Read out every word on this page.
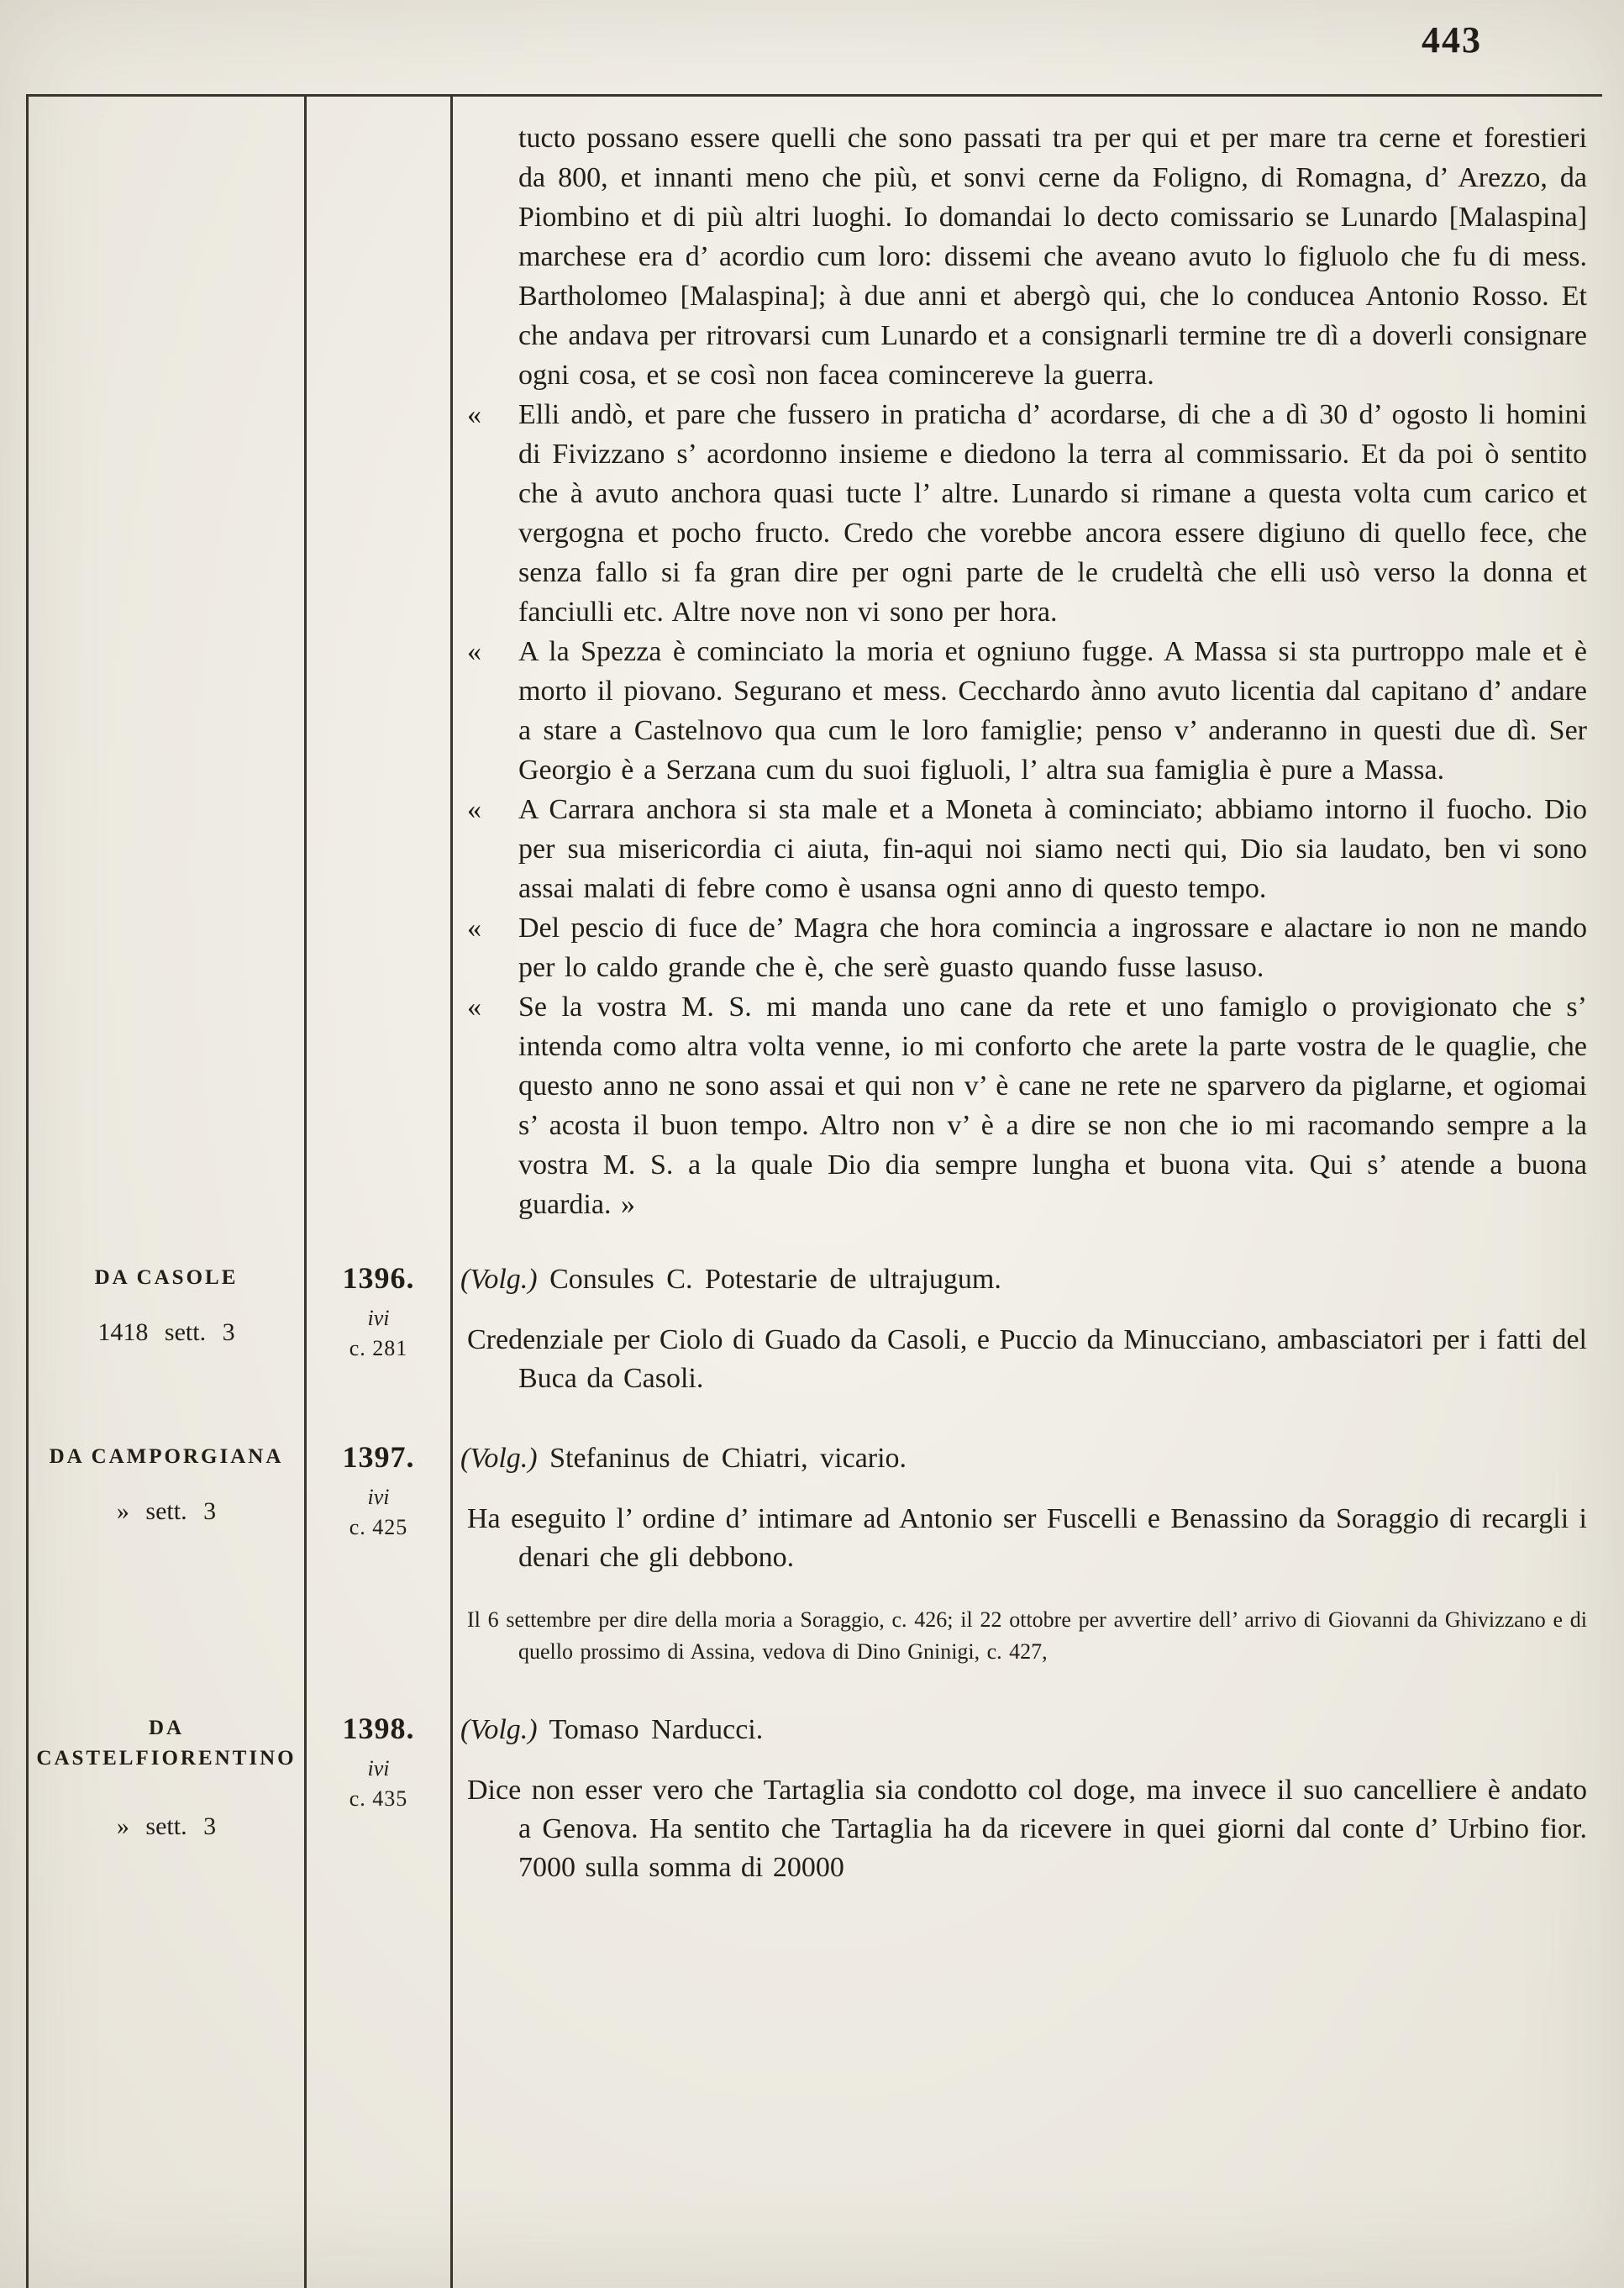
443

tucto possano essere quelli che sono passati tra per qui et per mare tra cerne et forestieri da 800, et innanti meno che più, et sonvi cerne da Foligno, di Romagna, d’ Arezzo, da Piombino et di più altri luoghi. Io domandai lo decto comissario se Lunardo [Malaspina] marchese era d’ acordio cum loro: dissemi che aveano avuto lo figluolo che fu di mess. Bartholomeo [Malaspina]; à due anni et abergò qui, che lo conducea Antonio Rosso. Et che andava per ritrovarsi cum Lunardo et a consignarli termine tre dì a doverli consignare ogni cosa, et se così non facea comincereve la guerra.

« Elli andò, et pare che fussero in praticha d’ acordarse, di che a dì 30 d’ ogosto li homini di Fivizzano s’ acordonno insieme e diedono la terra al commissario. Et da poi ò sentito che à avuto anchora quasi tucte l’ altre. Lunardo si rimane a questa volta cum carico et vergogna et pocho fructo. Credo che vorebbe ancora essere digiuno di quello fece, che senza fallo si fa gran dire per ogni parte de le crudeltà che elli usò verso la donna et fanciulli etc. Altre nove non vi sono per hora.

« A la Spezza è cominciato la moria et ogniuno fugge. A Massa si sta purtroppo male et è morto il piovano. Segurano et mess. Cecchardo ànno avuto licentia dal capitano d’ andare a stare a Castelnovo qua cum le loro famiglie; penso v’ anderanno in questi due dì. Ser Georgio è a Serzana cum du suoi figluoli, l’ altra sua famiglia è pure a Massa.

« A Carrara anchora si sta male et a Moneta à cominciato; abbiamo intorno il fuocho. Dio per sua misericordia ci aiuta, fin-aqui noi siamo necti qui, Dio sia laudato, ben vi sono assai malati di febre como è usansa ogni anno di questo tempo.

« Del pescio di fuce de’ Magra che hora comincia a ingrossare e alactare io non ne mando per lo caldo grande che è, che serè guasto quando fusse lasuso.

« Se la vostra M. S. mi manda uno cane da rete et uno famiglo o provigionato che s’ intenda como altra volta venne, io mi conforto che arete la parte vostra de le quaglie, che questo anno ne sono assai et qui non v’ è cane ne rete ne sparvero da piglarne, et ogiomai s’ acosta il buon tempo. Altro non v’ è a dire se non che io mi racomando sempre a la vostra M. S. a la quale Dio dia sempre lungha et buona vita. Qui s’ atende a buona guardia. »

DA CASOLE

1418 sett. 3

1396.

ivi

c. 281

(Volg.) Consules C. Potestarie de ultrajugum.

Credenziale per Ciolo di Guado da Casoli, e Puccio da Minucciano, ambasciatori per i fatti del Buca da Casoli.

DA CAMPORGIANA

» sett. 3

1397.

ivi

c. 425

(Volg.) Stefaninus de Chiatri, vicario.

Ha eseguito l’ ordine d’ intimare ad Antonio ser Fuscelli e Benassino da Soraggio di recargli i denari che gli debbono.

Il 6 settembre per dire della moria a Soraggio, c. 426; il 22 ottobre per avvertire dell’ arrivo di Giovanni da Ghivizzano e di quello prossimo di Assina, vedova di Dino Gninigi, c. 427,

DA CASTELFIORENTINO

» sett. 3

1398.

ivi

c. 435

(Volg.) Tomaso Narducci.

Dice non esser vero che Tartaglia sia condotto col doge, ma invece il suo cancelliere è andato a Genova. Ha sentito che Tartaglia ha da ricevere in quei giorni dal conte d’ Urbino fior. 7000 sulla somma di 20000
